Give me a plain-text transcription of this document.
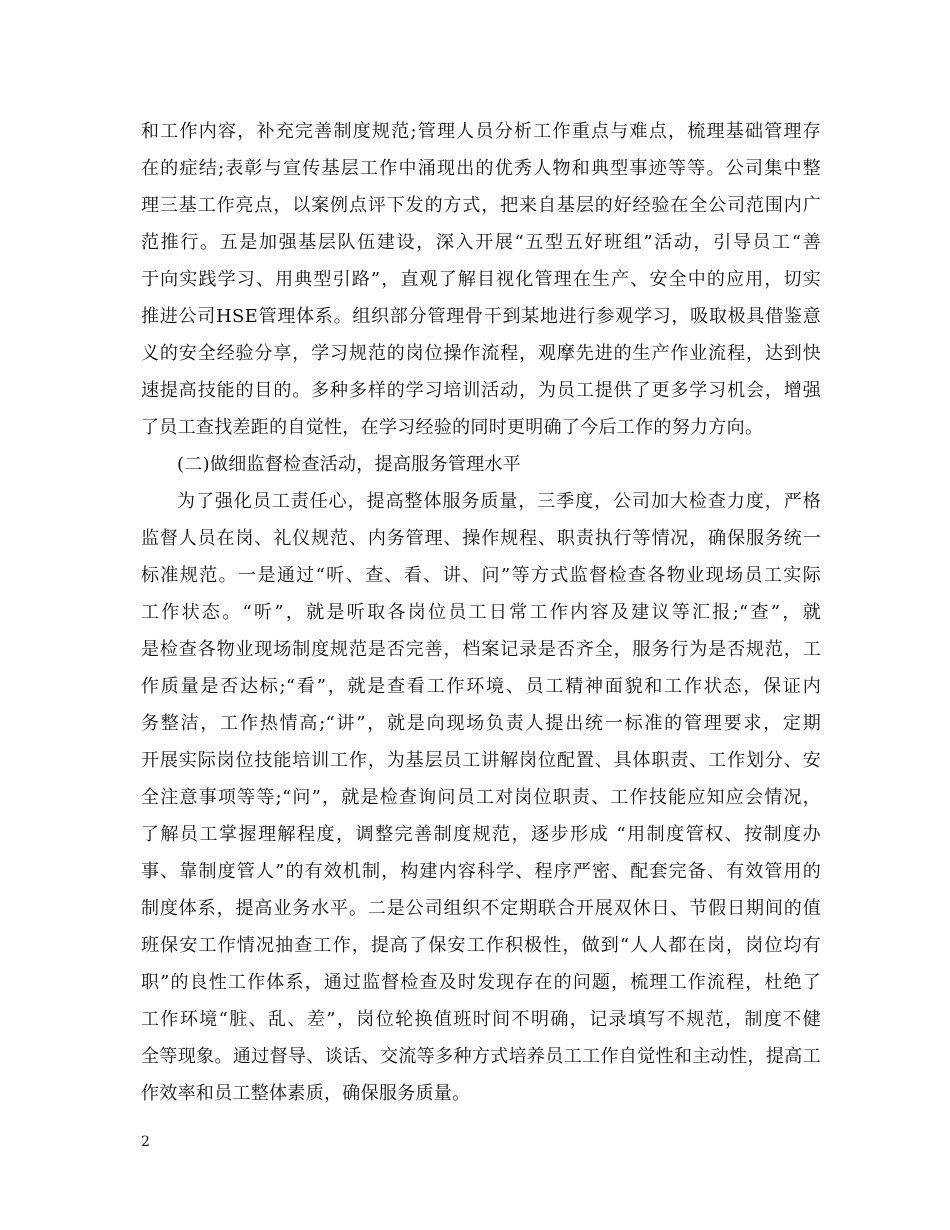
和工作内容，补充完善制度规范;管理人员分析工作重点与难点，梳理基础管理存
在的症结;表彰与宣传基层工作中涌现出的优秀人物和典型事迹等等。公司集中整
理三基工作亮点，以案例点评下发的方式，把来自基层的好经验在全公司范围内广
范推行。五是加强基层队伍建设，深入开展“五型五好班组”活动，引导员工“善
于向实践学习、用典型引路”，直观了解目视化管理在生产、安全中的应用，切实
推进公司HSE管理体系。组织部分管理骨干到某地进行参观学习，吸取极具借鉴意
义的安全经验分享，学习规范的岗位操作流程，观摩先进的生产作业流程，达到快
速提高技能的目的。多种多样的学习培训活动，为员工提供了更多学习机会，增强
了员工查找差距的自觉性，在学习经验的同时更明确了今后工作的努力方向。
(二)做细监督检查活动，提高服务管理水平
为了强化员工责任心，提高整体服务质量，三季度，公司加大检查力度，严格
监督人员在岗、礼仪规范、内务管理、操作规程、职责执行等情况，确保服务统一
标准规范。一是通过“听、查、看、讲、问”等方式监督检查各物业现场员工实际
工作状态。“听”，就是听取各岗位员工日常工作内容及建议等汇报;“查”，就
是检查各物业现场制度规范是否完善，档案记录是否齐全，服务行为是否规范，工
作质量是否达标;“看”，就是查看工作环境、员工精神面貌和工作状态，保证内
务整洁，工作热情高;“讲”，就是向现场负责人提出统一标准的管理要求，定期
开展实际岗位技能培训工作，为基层员工讲解岗位配置、具体职责、工作划分、安
全注意事项等等;“问”，就是检查询问员工对岗位职责、工作技能应知应会情况，
了解员工掌握理解程度，调整完善制度规范，逐步形成 “用制度管权、按制度办
事、靠制度管人”的有效机制，构建内容科学、程序严密、配套完备、有效管用的
制度体系，提高业务水平。二是公司组织不定期联合开展双休日、节假日期间的值
班保安工作情况抽查工作，提高了保安工作积极性，做到“人人都在岗，岗位均有
职”的良性工作体系，通过监督检查及时发现存在的问题，梳理工作流程，杜绝了
工作环境“脏、乱、差”，岗位轮换值班时间不明确，记录填写不规范，制度不健
全等现象。通过督导、谈话、交流等多种方式培养员工工作自觉性和主动性，提高工
作效率和员工整体素质，确保服务质量。
2
